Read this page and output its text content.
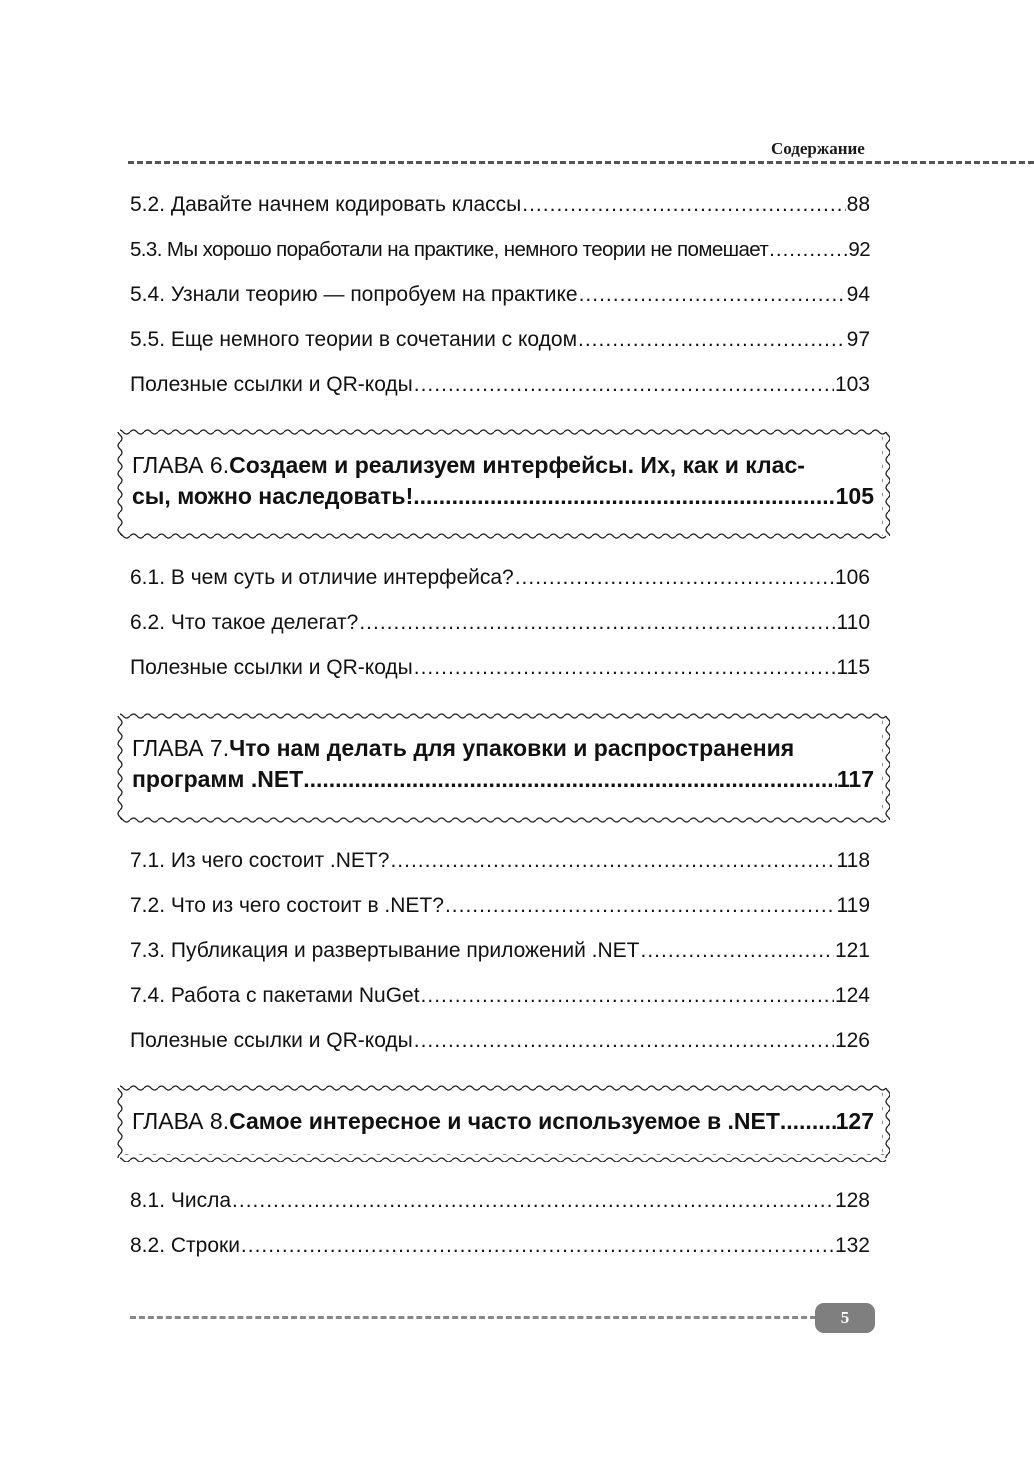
Содержание
5.2. Давайте начнем кодировать классы .....	88
5.3. Мы хорошо поработали на практике, немного теории не помешает .....	92
5.4. Узнали теорию — попробуем на практике .....	94
5.5. Еще немного теории в сочетании с кодом .....	97
Полезные ссылки и QR-коды .....	103
ГЛАВА 6. Создаем и реализуем интерфейсы. Их, как и клас-
сы, можно наследовать! .....	105
6.1. В чем суть и отличие интерфейса? .....	106
6.2. Что такое делегат? .....	110
Полезные ссылки и QR-коды .....	115
ГЛАВА 7. Что нам делать для упаковки и распространения
программ .NET .....	117
7.1. Из чего состоит .NET? .....	118
7.2. Что из чего состоит в .NET? .....	119
7.3. Публикация и развертывание приложений .NET .....	121
7.4. Работа с пакетами NuGet .....	124
Полезные ссылки и QR-коды .....	126
ГЛАВА 8. Самое интересное и часто используемое в .NET ..... 127
8.1. Числа .....	128
8.2. Строки .....	132
5
